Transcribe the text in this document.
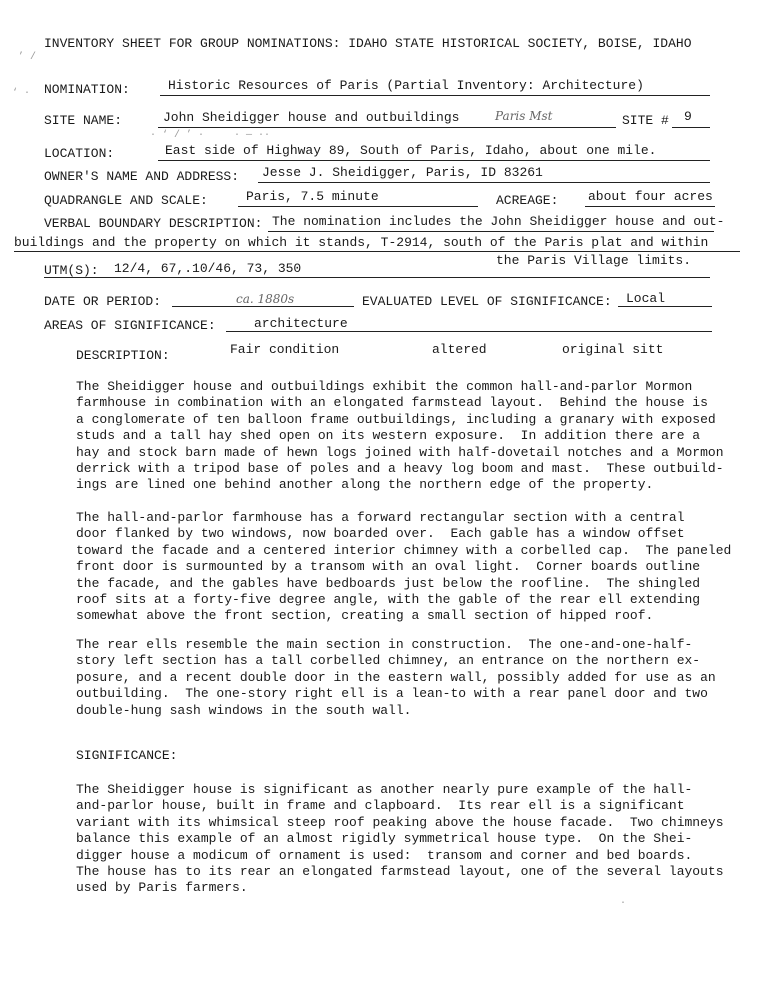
’ /
‘ ·
INVENTORY SHEET FOR GROUP NOMINATIONS: IDAHO STATE HISTORICAL SOCIETY, BOISE, IDAHO
NOMINATION:	Historic Resources of Paris (Partial Inventory: Architecture)
SITE NAME:	John Sheidigger house and outbuildings	Paris Mst	SITE # 9
· ‘ / ’ ·     · — ··
LOCATION:	East side of Highway 89, South of Paris, Idaho, about one mile.
OWNER'S NAME AND ADDRESS: Jesse J. Sheidigger, Paris, ID 83261
QUADRANGLE AND SCALE:	Paris, 7.5 minute	ACREAGE: about four acres
VERBAL BOUNDARY DESCRIPTION: The nomination includes the John Sheidigger house and out-
buildings and the property on which it stands, T-2914, south of the Paris plat and within
the Paris Village limits.
UTM(S): 12/4, 67,.10/46, 73, 350
DATE OR PERIOD:	ca. 1880s	EVALUATED LEVEL OF SIGNIFICANCE: Local
AREAS OF SIGNIFICANCE:	architecture
DESCRIPTION:	Fair condition	altered	original sitt
The Sheidigger house and outbuildings exhibit the common hall-and-parlor Mormon
farmhouse in combination with an elongated farmstead layout.  Behind the house is
a conglomerate of ten balloon frame outbuildings, including a granary with exposed
studs and a tall hay shed open on its western exposure.  In addition there are a
hay and stock barn made of hewn logs joined with half-dovetail notches and a Mormon
derrick with a tripod base of poles and a heavy log boom and mast.  These outbuild-
ings are lined one behind another along the northern edge of the property.
The hall-and-parlor farmhouse has a forward rectangular section with a central
door flanked by two windows, now boarded over.  Each gable has a window offset
toward the facade and a centered interior chimney with a corbelled cap.  The paneled
front door is surmounted by a transom with an oval light.  Corner boards outline
the facade, and the gables have bedboards just below the roofline.  The shingled
roof sits at a forty-five degree angle, with the gable of the rear ell extending
somewhat above the front section, creating a small section of hipped roof.
The rear ells resemble the main section in construction.  The one-and-one-half-
story left section has a tall corbelled chimney, an entrance on the northern ex-
posure, and a recent double door in the eastern wall, possibly added for use as an
outbuilding.  The one-story right ell is a lean-to with a rear panel door and two
double-hung sash windows in the south wall.
SIGNIFICANCE:
The Sheidigger house is significant as another nearly pure example of the hall-
and-parlor house, built in frame and clapboard.  Its rear ell is a significant
variant with its whimsical steep roof peaking above the house facade.  Two chimneys
balance this example of an almost rigidly symmetrical house type.  On the Shei-
digger house a modicum of ornament is used:  transom and corner and bed boards.
The house has to its rear an elongated farmstead layout, one of the several layouts
used by Paris farmers.
·
